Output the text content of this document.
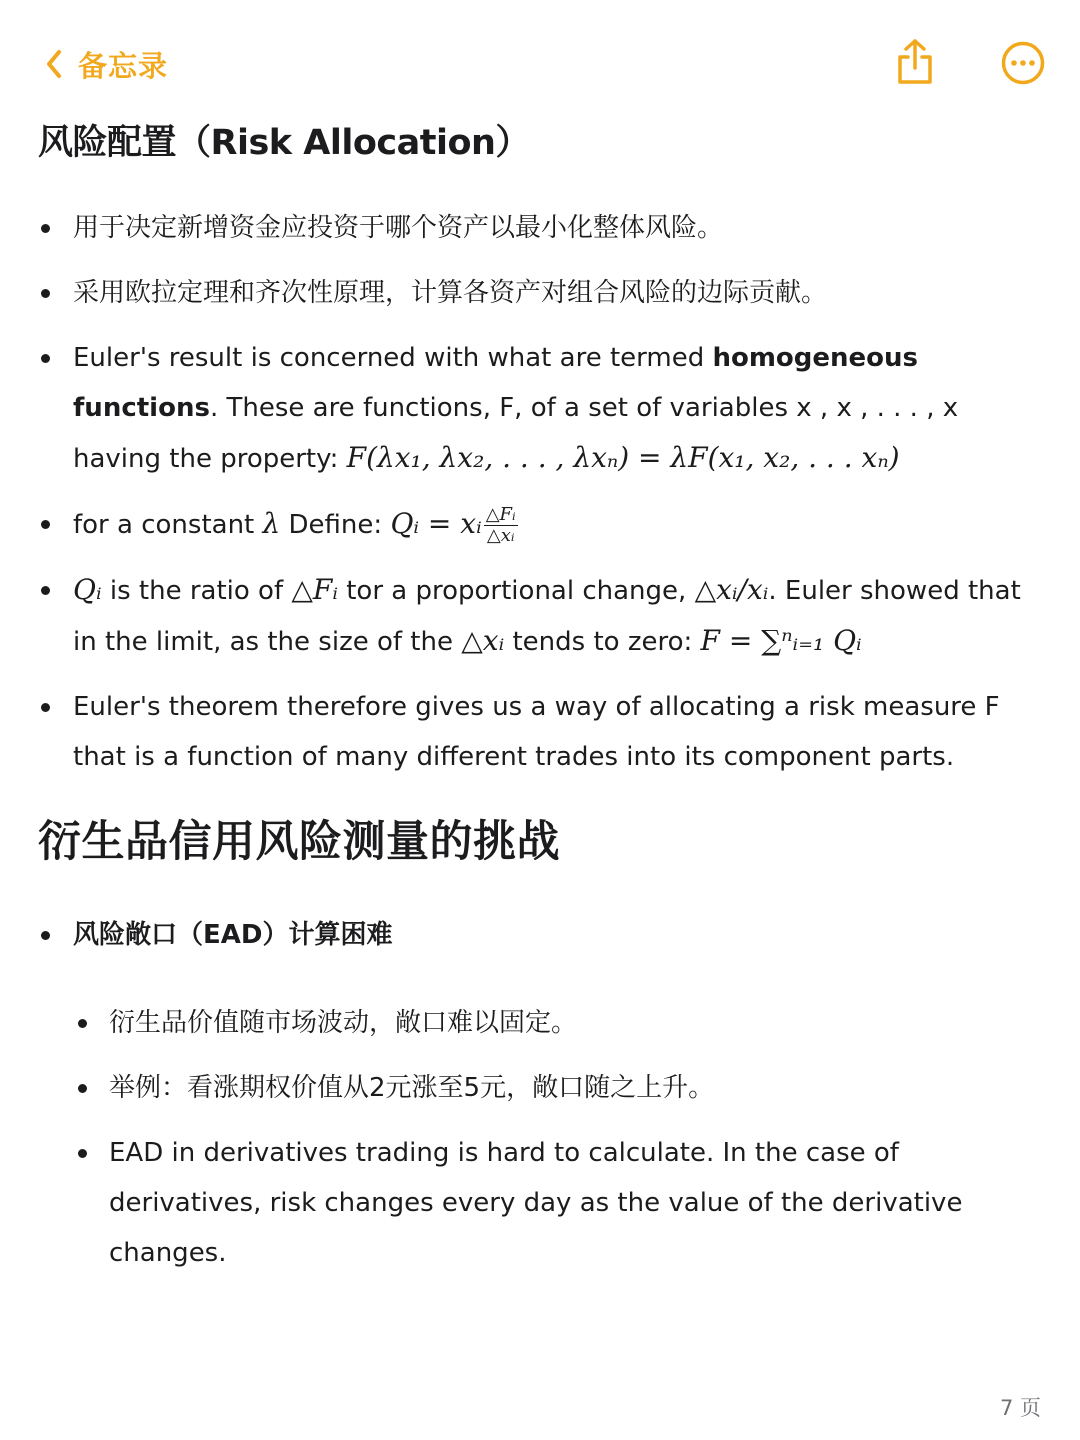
备忘录
风险配置（Risk Allocation）
用于决定新增资金应投资于哪个资产以最小化整体风险。
采用欧拉定理和齐次性原理，计算各资产对组合风险的边际贡献。
Euler's result is concerned with what are termed homogeneous functions. These are functions, F, of a set of variables x , x , . . . , x having the property: F(λx₁, λx₂, . . . , λxₙ) = λF(x₁, x₂, . . . xₙ)
for a constant λ Define: Qᵢ = xᵢ $\frac{\text{△Fᵢ}}{\text{△xᵢ}}$
Qᵢ is the ratio of △Fᵢ tor a proportional change, △xᵢ/xᵢ. Euler showed that in the limit, as the size of the △xᵢ tends to zero: F = ∑ⁿᵢ₌₁ Qᵢ
Euler's theorem therefore gives us a way of allocating a risk measure F that is a function of many different trades into its component parts.
衍生品信用风险测量的挑战
风险敞口（EAD）计算困难
衍生品价值随市场波动，敞口难以固定。
举例：看涨期权价值从2元涨至5元，敞口随之上升。
EAD in derivatives trading is hard to calculate. In the case of derivatives, risk changes every day as the value of the derivative changes.
7 页
